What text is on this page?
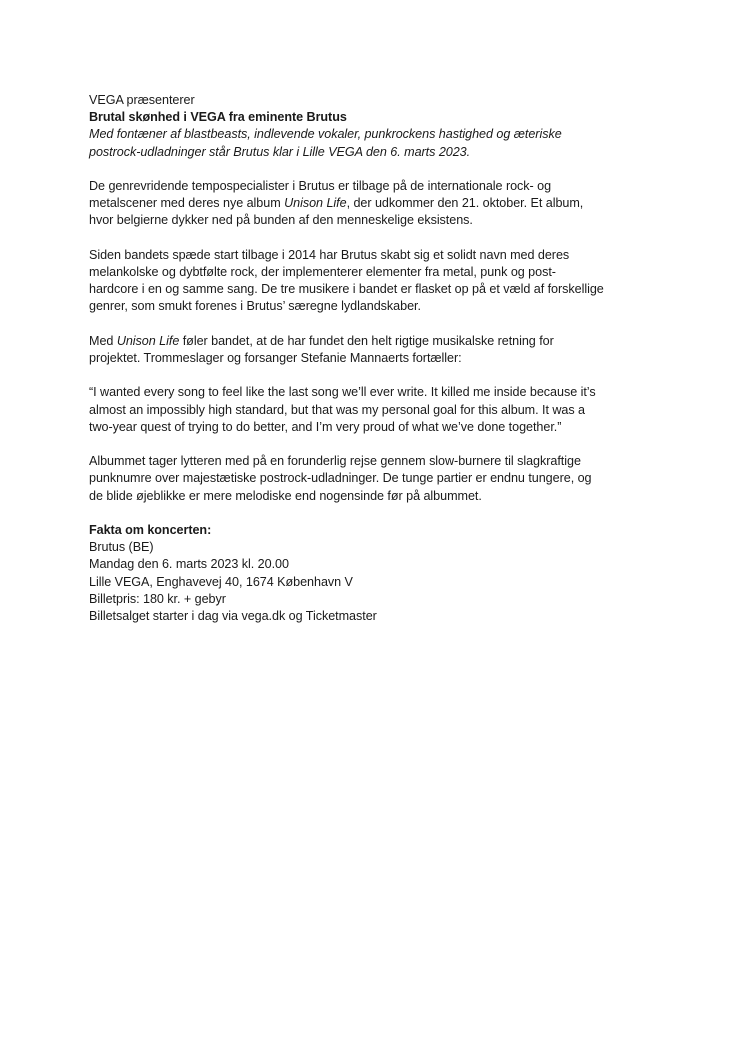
VEGA præsenterer
Brutal skønhed i VEGA fra eminente Brutus
Med fontæner af blastbeasts, indlevende vokaler, punkrockens hastighed og æteriske
postrock-udladninger står Brutus klar i Lille VEGA den 6. marts 2023.
De genrevridende tempospecialister i Brutus er tilbage på de internationale rock- og
metalscener med deres nye album Unison Life, der udkommer den 21. oktober. Et album,
hvor belgierne dykker ned på bunden af den menneskelige eksistens.
Siden bandets spæde start tilbage i 2014 har Brutus skabt sig et solidt navn med deres
melankolske og dybtfølte rock, der implementerer elementer fra metal, punk og post-
hardcore i en og samme sang. De tre musikere i bandet er flasket op på et væld af forskellige
genrer, som smukt forenes i Brutus’ særegne lydlandskaber.
Med Unison Life føler bandet, at de har fundet den helt rigtige musikalske retning for
projektet. Trommeslager og forsanger Stefanie Mannaerts fortæller:
“I wanted every song to feel like the last song we’ll ever write. It killed me inside because it’s
almost an impossibly high standard, but that was my personal goal for this album. It was a
two-year quest of trying to do better, and I’m very proud of what we’ve done together.”
Albummet tager lytteren med på en forunderlig rejse gennem slow-burnere til slagkraftige
punknumre over majestætiske postrock-udladninger. De tunge partier er endnu tungere, og
de blide øjeblikke er mere melodiske end nogensinde før på albummet.
Fakta om koncerten:
Brutus (BE)
Mandag den 6. marts 2023 kl. 20.00
Lille VEGA, Enghavevej 40, 1674 København V
Billetpris: 180 kr. + gebyr
Billetsalget starter i dag via vega.dk og Ticketmaster
